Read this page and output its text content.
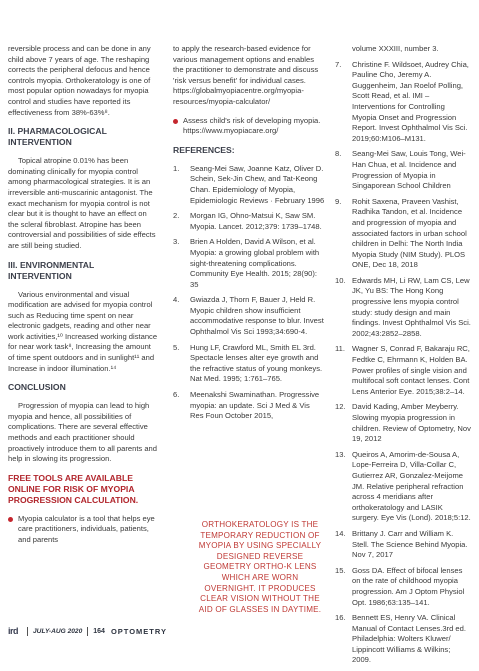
reversible process and can be done in any child above 7 years of age. The reshaping corrects the peripheral defocus and hence controls myopia. Orthokeratology is one of most popular option nowadays for myopia control and studies have reported its effectiveness from 38%-63%⁸.

II. PHARMACOLOGICAL INTERVENTION

Topical atropine 0.01% has been dominating clinically for myopia control among pharmacological strategies. It is an irreversible anti-muscarinic antagonist. The exact mechanism for myopia control is not clear but it is thought to have an effect on the scleral fibroblast. Atropine has been controversial and possibilities of side effects are still being studied.

III. ENVIRONMENTAL INTERVENTION

Various environmental and visual modification are advised for myopia control such as Reducing time spent on near electronic gadgets, reading and other near work activities,¹⁰ Increased working distance for near work task⁸, Increasing the amount of time spent outdoors and in sunlight¹¹ and Increase in indoor illumination.¹⁴

CONCLUSION

Progression of myopia can lead to high myopia and hence, all possibilities of complications. There are several effective methods and each practitioner should proactively introduce them to all parents and help in slowing its progression.

FREE TOOLS ARE AVAILABLE ONLINE FOR RISK OF MYOPIA PROGRESSION CALCULATION.
Myopia calculator is a tool that helps eye care practitioners, individuals, patients, and parents

to apply the research-based evidence for various management options and enables the practitioner to demonstrate and discuss 'risk versus benefit' for individual cases. https://globalmyopiacentre.org/myopia-resources/myopia-calculator/

Assess child's risk of developing myopia. https://www.myopiacare.org/
REFERENCES:
1. Seang-Mei Saw, Joanne Katz, Oliver D. Schein, Sek-Jin Chew, and Tat-Keong Chan. Epidemiology of Myopia, Epidemiologic Reviews · February 1996
2. Morgan IG, Ohno-Matsui K, Saw SM. Myopia. Lancet. 2012;379: 1739–1748.
3. Brien A Holden, David A Wilson, et al. Myopia: a growing global problem with sight-threatening complications. Community Eye Health. 2015; 28(90): 35
4. Gwiazda J, Thorn F, Bauer J, Held R. Myopic children show insufficient accommodative response to blur. Invest Ophthalmol Vis Sci 1993;34:690-4.
5. Hung LF, Crawford ML, Smith EL 3rd. Spectacle lenses alter eye growth and the refractive status of young monkeys. Nat Med. 1995; 1:761–765.
6. Meenakshi Swaminathan. Progressive myopia: an update. Sci J Med & Vis Res Foun October 2015,
volume XXXIII, number 3.
7. Christine F. Wildsoet, Audrey Chia, Pauline Cho, Jeremy A. Guggenheim, Jan Roelof Polling, Scott Read, et al. IMI – Interventions for Controlling Myopia Onset and Progression Report. Invest Ophthalmol Vis Sci. 2019;60:M106–M131.
8. Seang-Mei Saw, Louis Tong, Wei-Han Chua, et al. Incidence and Progression of Myopia in Singaporean School Children
9. Rohit Saxena, Praveen Vashist, Radhika Tandon, et al. Incidence and progression of myopia and associated factors in urban school children in Delhi: The North India Myopia Study (NIM Study). PLOS ONE, Dec 18, 2018
10. Edwards MH, Li RW, Lam CS, Lew JK, Yu BS: The Hong Kong progressive lens myopia control study: study design and main findings. Invest Ophthalmol Vis Sci. 2002;43:2852–2858.
11. Wagner S, Conrad F, Bakaraju RC, Fedtke C, Ehrmann K, Holden BA. Power profiles of single vision and multifocal soft contact lenses. Cont Lens Anterior Eye. 2015;38:2–14.
12. David Kading, Amber Meyberry. Slowing myopia progression in children. Review of Optometry, Nov 19, 2012
13. Queiros A, Amorim-de-Sousa A, Lope-Ferreira D, Villa-Collar C, Gutierrez AR, Gonzalez-Meijome JM. Relative peripheral refraction across 4 meridians after orthokeratology and LASIK surgery. Eye Vis (Lond). 2018;5:12.
14. Brittany J. Carr and William K. Stell. The Science Behind Myopia. Nov 7, 2017
15. Goss DA. Effect of bifocal lenses on the rate of childhood myopia progression. Am J Optom Physiol Opt. 1986;63:135–141.
16. Bennett ES, Henry VA. Clinical Manual of Contact Lenses.3rd ed. Philadelphia: Wolters Kluwer/ Lippincott Williams & Wilkins; 2009.
ORTHOKERATOLOGY IS THE TEMPORARY REDUCTION OF MYOPIA BY USING SPECIALLY DESIGNED REVERSE GEOMETRY ORTHO-K LENS WHICH ARE WORN OVERNIGHT. IT PRODUCES CLEAR VISION WITHOUT THE AID OF GLASSES IN DAYTIME.
ird JULY-AUG 2020 164 OPTOMETRY
